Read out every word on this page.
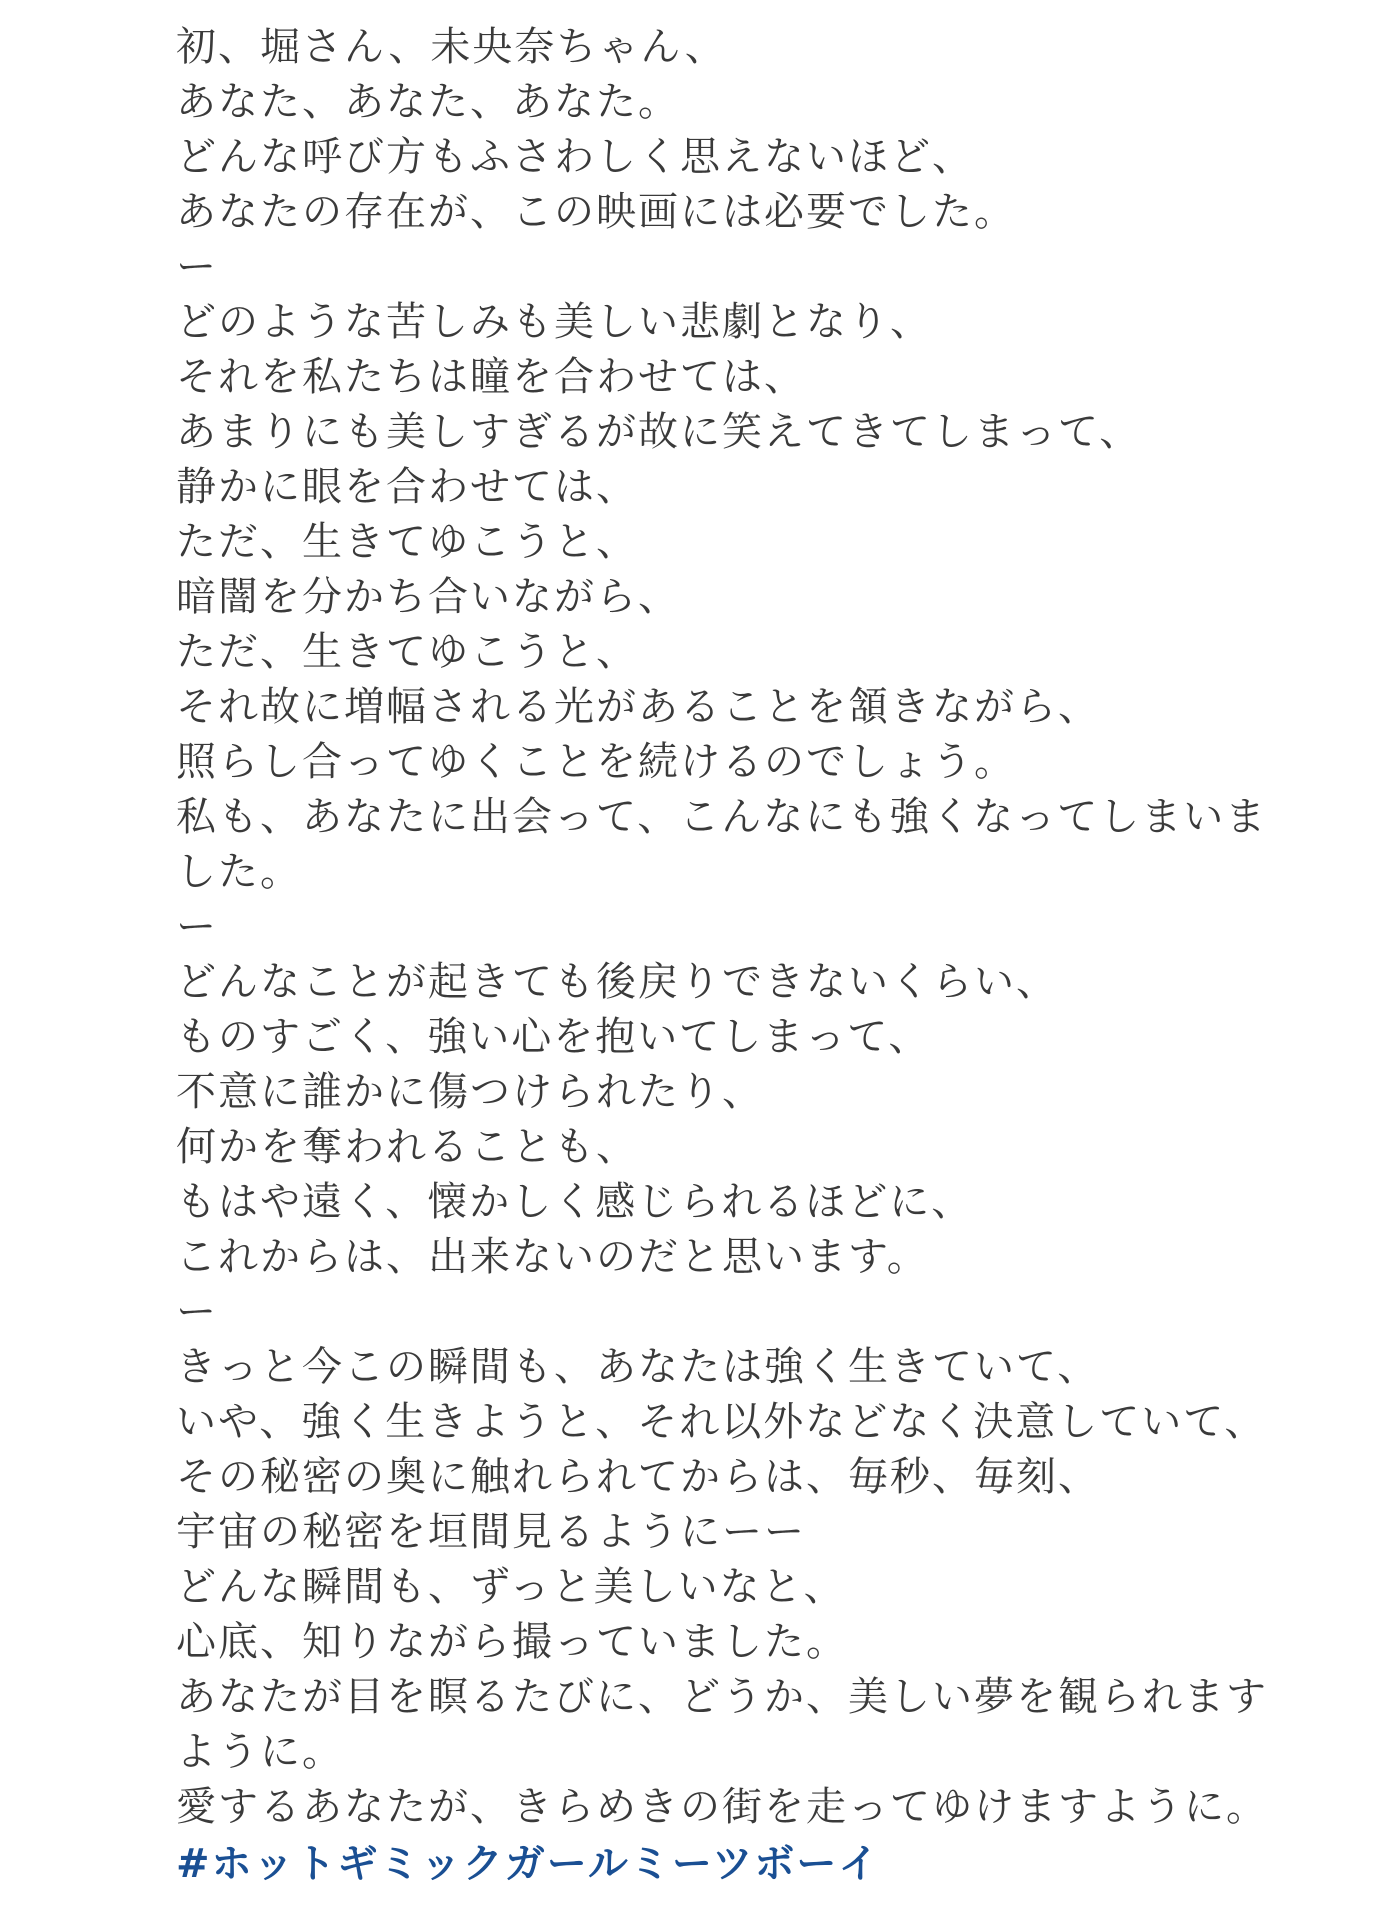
初、堀さん、未央奈ちゃん、
あなた、あなた、あなた。
どんな呼び方もふさわしく思えないほど、
あなたの存在が、この映画には必要でした。
ー
どのような苦しみも美しい悲劇となり、
それを私たちは瞳を合わせては、
あまりにも美しすぎるが故に笑えてきてしまって、
静かに眼を合わせては、
ただ、生きてゆこうと、
暗闇を分かち合いながら、
ただ、生きてゆこうと、
それ故に増幅される光があることを頷きながら、
照らし合ってゆくことを続けるのでしょう。
私も、あなたに出会って、こんなにも強くなってしまいま
した。
ー
どんなことが起きても後戻りできないくらい、
ものすごく、強い心を抱いてしまって、
不意に誰かに傷つけられたり、
何かを奪われることも、
もはや遠く、懐かしく感じられるほどに、
これからは、出来ないのだと思います。
ー
きっと今この瞬間も、あなたは強く生きていて、
いや、強く生きようと、それ以外などなく決意していて、
その秘密の奥に触れられてからは、毎秒、毎刻、
宇宙の秘密を垣間見るようにーー
どんな瞬間も、ずっと美しいなと、
心底、知りながら撮っていました。
あなたが目を瞑るたびに、どうか、美しい夢を観られます
ように。
愛するあなたが、きらめきの街を走ってゆけますように。
#ホットギミックガールミーツボーイ
